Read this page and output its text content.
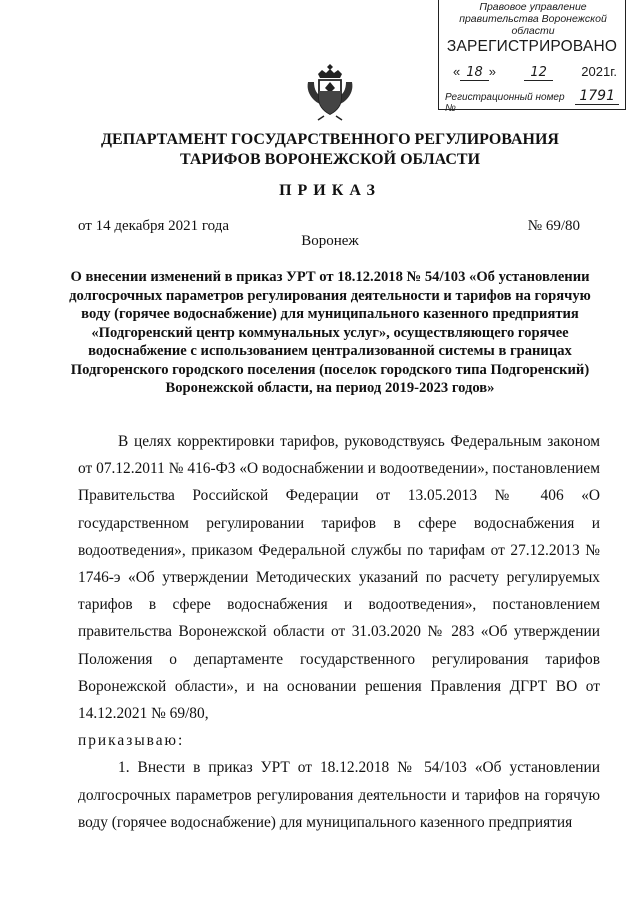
Правовое управление правительства Воронежской области
ЗАРЕГИСТРИРОВАНО
« 18 »	12	2021г.
Регистрационный номер №
1791
ДЕПАРТАМЕНТ ГОСУДАРСТВЕННОГО РЕГУЛИРОВАНИЯ
ТАРИФОВ ВОРОНЕЖСКОЙ ОБЛАСТИ
ПРИКАЗ
от 14 декабря 2021 года	№ 69/80
Воронеж
О внесении изменений в приказ УРТ от 18.12.2018 № 54/103 «Об установлении долгосрочных параметров регулирования деятельности и тарифов на горячую воду (горячее водоснабжение) для муниципального казенного предприятия «Подгоренский центр коммунальных услуг», осуществляющего горячее водоснабжение с использованием централизованной системы в границах Подгоренского городского поселения (поселок городского типа Подгоренский) Воронежской области, на период 2019-2023 годов»

В целях корректировки тарифов, руководствуясь Федеральным законом от 07.12.2011 № 416-ФЗ «О водоснабжении и водоотведении», постановлением Правительства Российской Федерации от 13.05.2013 № 406 «О государственном регулировании тарифов в сфере водоснабжения и водоотведения», приказом Федеральной службы по тарифам от 27.12.2013 № 1746-э «Об утверждении Методических указаний по расчету регулируемых тарифов в сфере водоснабжения и водоотведения», постановлением правительства Воронежской области от 31.03.2020 № 283 «Об утверждении Положения о департаменте государственного регулирования тарифов Воронежской области», и на основании решения Правления ДГРТ ВО от 14.12.2021 № 69/80,

приказываю:

1. Внести в приказ УРТ от 18.12.2018 № 54/103 «Об установлении долгосрочных параметров регулирования деятельности и тарифов на горячую воду (горячее водоснабжение) для муниципального казенного предприятия
